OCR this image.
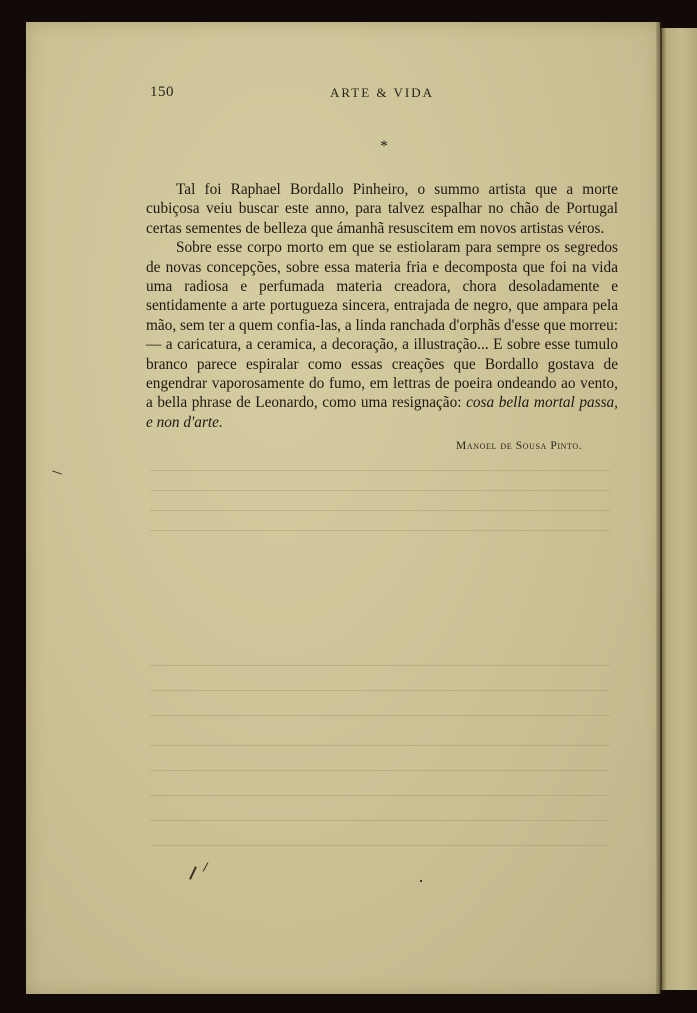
150	ARTE & VIDA
*

Tal foi Raphael Bordallo Pinheiro, o summo artista que a morte cubiçosa veiu buscar este anno, para talvez espalhar no chão de Portugal certas sementes de belleza que ámanhã resuscitem em novos artistas véros.

Sobre esse corpo morto em que se estiolaram para sempre os segredos de novas concepções, sobre essa materia fria e decomposta que foi na vida uma radiosa e perfumada materia creadora, chora desoladamente e sentidamente a arte portugueza sincera, entrajada de negro, que ampara pela mão, sem ter a quem confia-las, a linda ranchada d'orphãs d'esse que morreu: — a caricatura, a ceramica, a decoração, a illustração... E sobre esse tumulo branco parece espiralar como essas creações que Bordallo gostava de engendrar vaporosamente do fumo, em lettras de poeira ondeando ao vento, a bella phrase de Leonardo, como uma resignação: cosa bella mortal passa, e non d'arte.

Manoel de Sousa Pinto.
